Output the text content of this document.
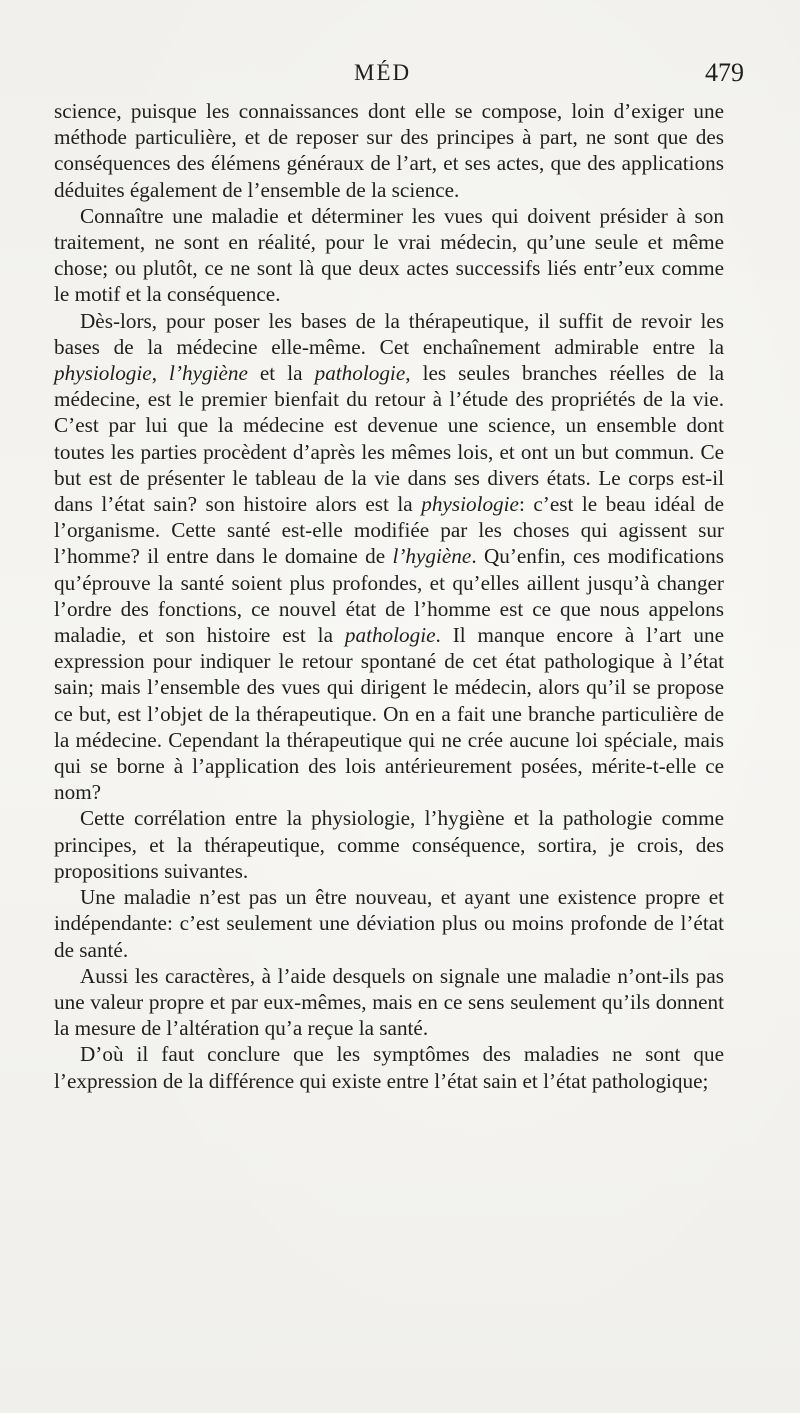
MÉD	479

science, puisque les connaissances dont elle se compose, loin d’exiger une méthode particulière, et de reposer sur des principes à part, ne sont que des conséquences des élémens généraux de l’art, et ses actes, que des applications déduites également de l’ensemble de la science.

Connaître une maladie et déterminer les vues qui doivent présider à son traitement, ne sont en réalité, pour le vrai médecin, qu’une seule et même chose; ou plutôt, ce ne sont là que deux actes successifs liés entr’eux comme le motif et la conséquence.

Dès-lors, pour poser les bases de la thérapeutique, il suffit de revoir les bases de la médecine elle-même. Cet enchaînement admirable entre la physiologie, l’hygiène et la pathologie, les seules branches réelles de la médecine, est le premier bienfait du retour à l’étude des propriétés de la vie. C’est par lui que la médecine est devenue une science, un ensemble dont toutes les parties procèdent d’après les mêmes lois, et ont un but commun. Ce but est de présenter le tableau de la vie dans ses divers états. Le corps est-il dans l’état sain? son histoire alors est la physiologie: c’est le beau idéal de l’organisme. Cette santé est-elle modifiée par les choses qui agissent sur l’homme? il entre dans le domaine de l’hygiène. Qu’enfin, ces modifications qu’éprouve la santé soient plus profondes, et qu’elles aillent jusqu’à changer l’ordre des fonctions, ce nouvel état de l’homme est ce que nous appelons maladie, et son histoire est la pathologie. Il manque encore à l’art une expression pour indiquer le retour spontané de cet état pathologique à l’état sain; mais l’ensemble des vues qui dirigent le médecin, alors qu’il se propose ce but, est l’objet de la thérapeutique. On en a fait une branche particulière de la médecine. Cependant la thérapeutique qui ne crée aucune loi spéciale, mais qui se borne à l’application des lois antérieurement posées, mérite-t-elle ce nom?

Cette corrélation entre la physiologie, l’hygiène et la pathologie comme principes, et la thérapeutique, comme conséquence, sortira, je crois, des propositions suivantes.

Une maladie n’est pas un être nouveau, et ayant une existence propre et indépendante: c’est seulement une déviation plus ou moins profonde de l’état de santé.

Aussi les caractères, à l’aide desquels on signale une maladie n’ont-ils pas une valeur propre et par eux-mêmes, mais en ce sens seulement qu’ils donnent la mesure de l’altération qu’a reçue la santé.

D’où il faut conclure que les symptômes des maladies ne sont que l’expression de la différence qui existe entre l’état sain et l’état pathologique;
